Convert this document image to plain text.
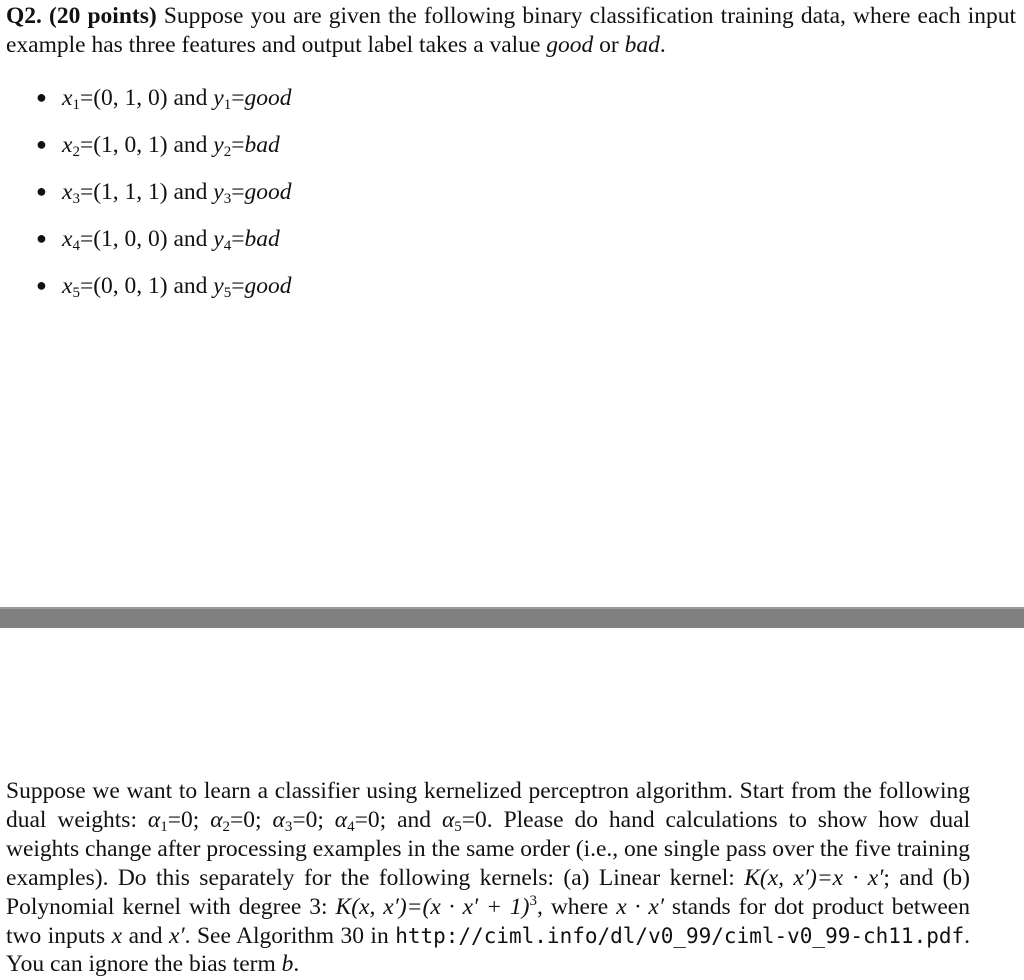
Q2. (20 points) Suppose you are given the following binary classification training data, where each input example has three features and output label takes a value good or bad.
● $x_1=(0$, 1, 0) and $y_1=good$
● $x_2=(1$, 0, 1) and $y_2=bad$
● $x_3=(1$, 1, 1) and $y_3=good$
● $x_4=(1$, 0, 0) and $y_4=bad$
● $x_5=(0$, 0, 1) and $y_5=good$
Suppose we want to learn a classifier using kernelized perceptron algorithm. Start from the following dual weights: $\alpha_1=0$; $\alpha_2=0$; $\alpha_3=0$; $\alpha_4=0$; and $\alpha_5=0$. Please do hand calculations to show how dual weights change after processing examples in the same order (i.e., one single pass over the five training examples). Do this separately for the following kernels: (a) Linear kernel: K(x, x′)=x · x′; and (b) Polynomial kernel with degree 3: K(x, $x')=(x \cdot x' + 1)^3$, where x · x′ stands for dot product between two inputs x and x′. See Algorithm 30 in http://ciml.info/dl/v0_99/ciml-v0_99-ch11.pdf. You can ignore the bias term b.
